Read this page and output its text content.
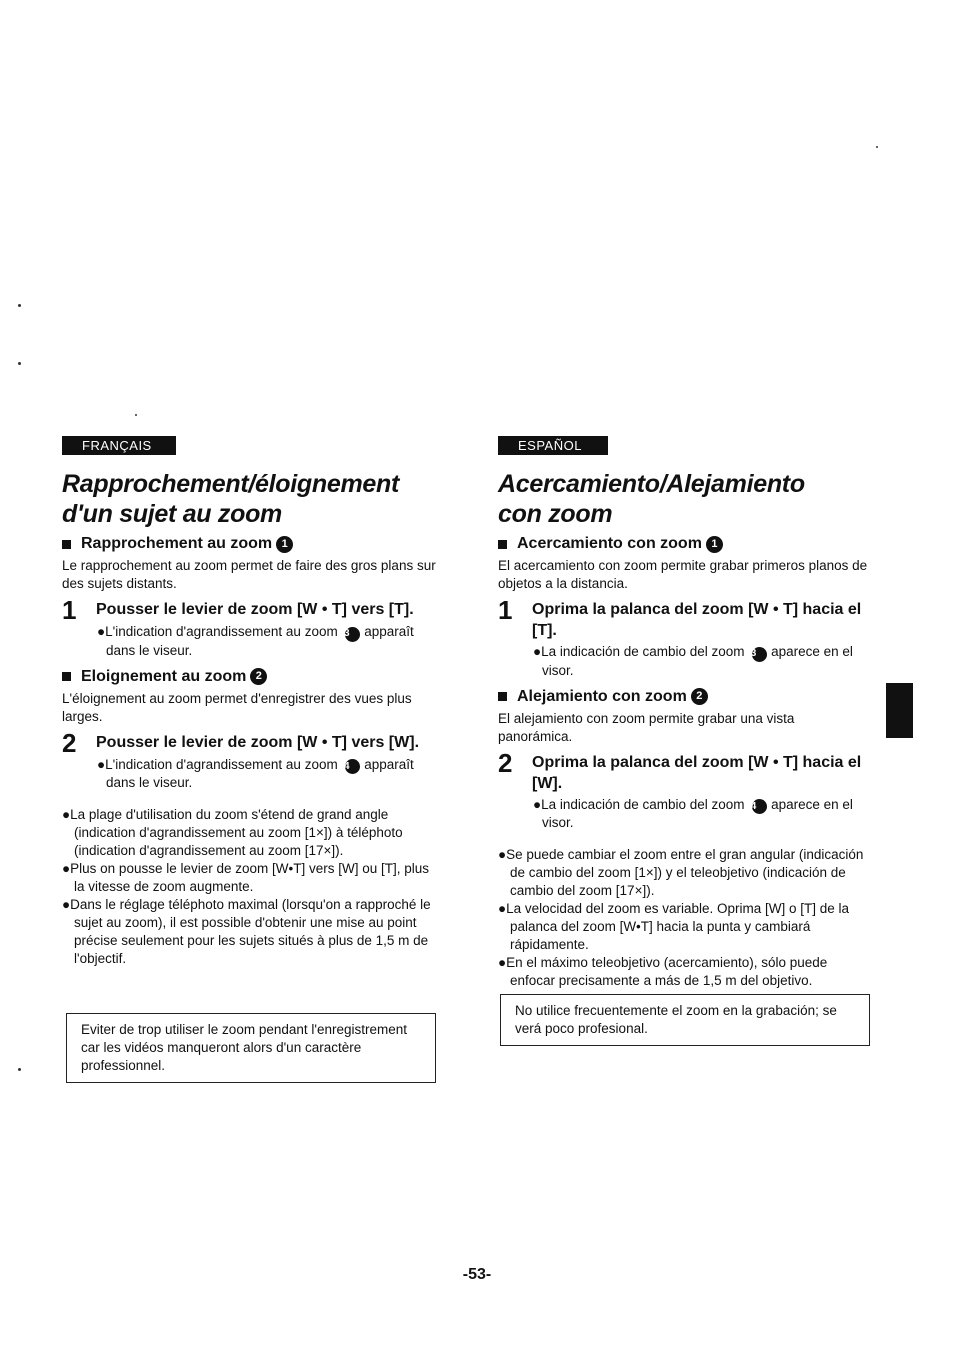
FRANÇAIS
Rapprochement/éloignement
d'un sujet au zoom
Rapprochement au zoom 1

Le rapprochement au zoom permet de faire des gros plans sur des sujets distants.

1	Pousser le levier de zoom [W • T] vers [T].
●L'indication d'agrandissement au zoom 3 apparaît dans le viseur.
Eloignement au zoom 2

L'éloignement au zoom permet d'enregistrer des vues plus larges.

2	Pousser le levier de zoom [W • T] vers [W].
●L'indication d'agrandissement au zoom 4 apparaît dans le viseur.

●La plage d'utilisation du zoom s'étend de grand angle (indication d'agrandissement au zoom [1×]) à téléphoto (indication d'agrandissement au zoom [17×]).

●Plus on pousse le levier de zoom [W•T] vers [W] ou [T], plus la vitesse de zoom augmente.

●Dans le réglage téléphoto maximal (lorsqu'on a rapproché le sujet au zoom), il est possible d'obtenir une mise au point précise seulement pour les sujets situés à plus de 1,5 m de l'objectif.

Eviter de trop utiliser le zoom pendant l'enregistrement car les vidéos manqueront alors d'un caractère professionnel.
ESPAÑOL
Acercamiento/Alejamiento
con zoom
Acercamiento con zoom 1

El acercamiento con zoom permite grabar primeros planos de objetos a la distancia.

1	Oprima la palanca del zoom [W • T] hacia el [T].
●La indicación de cambio del zoom 3 aparece en el visor.
Alejamiento con zoom 2

El alejamiento con zoom permite grabar una vista panorámica.

2	Oprima la palanca del zoom [W • T] hacia el [W].
●La indicación de cambio del zoom 4 aparece en el visor.

●Se puede cambiar el zoom entre el gran angular (indicación de cambio del zoom [1×]) y el teleobjetivo (indicación de cambio del zoom [17×]).

●La velocidad del zoom es variable. Oprima [W] o [T] de la palanca del zoom [W•T] hacia la punta y cambiará rápidamente.

●En el máximo teleobjetivo (acercamiento), sólo puede enfocar precisamente a más de 1,5 m del objetivo.

No utilice frecuentemente el zoom en la grabación; se verá poco profesional.
-53-
